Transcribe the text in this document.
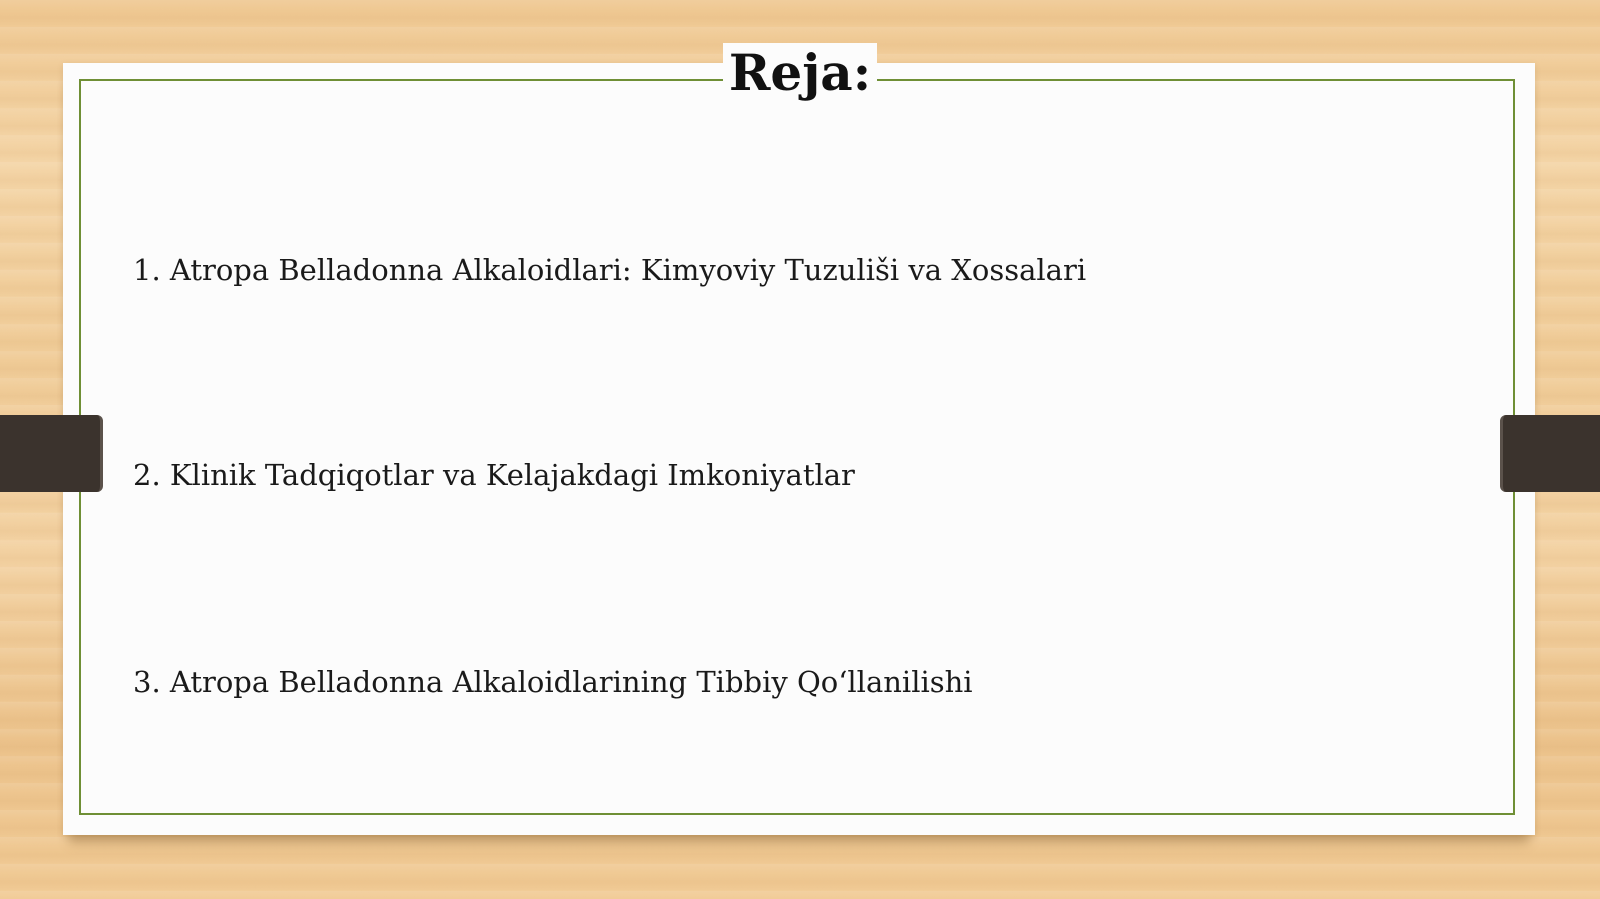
Reja:
1. Atropa Belladonna Alkaloidlari: Kimyoviy Tuzuliši va Xossalari
2. Klinik Tadqiqotlar va Kelajakdagi Imkoniyatlar
3. Atropa Belladonna Alkaloidlarining Tibbiy Qo‘llanilishi
